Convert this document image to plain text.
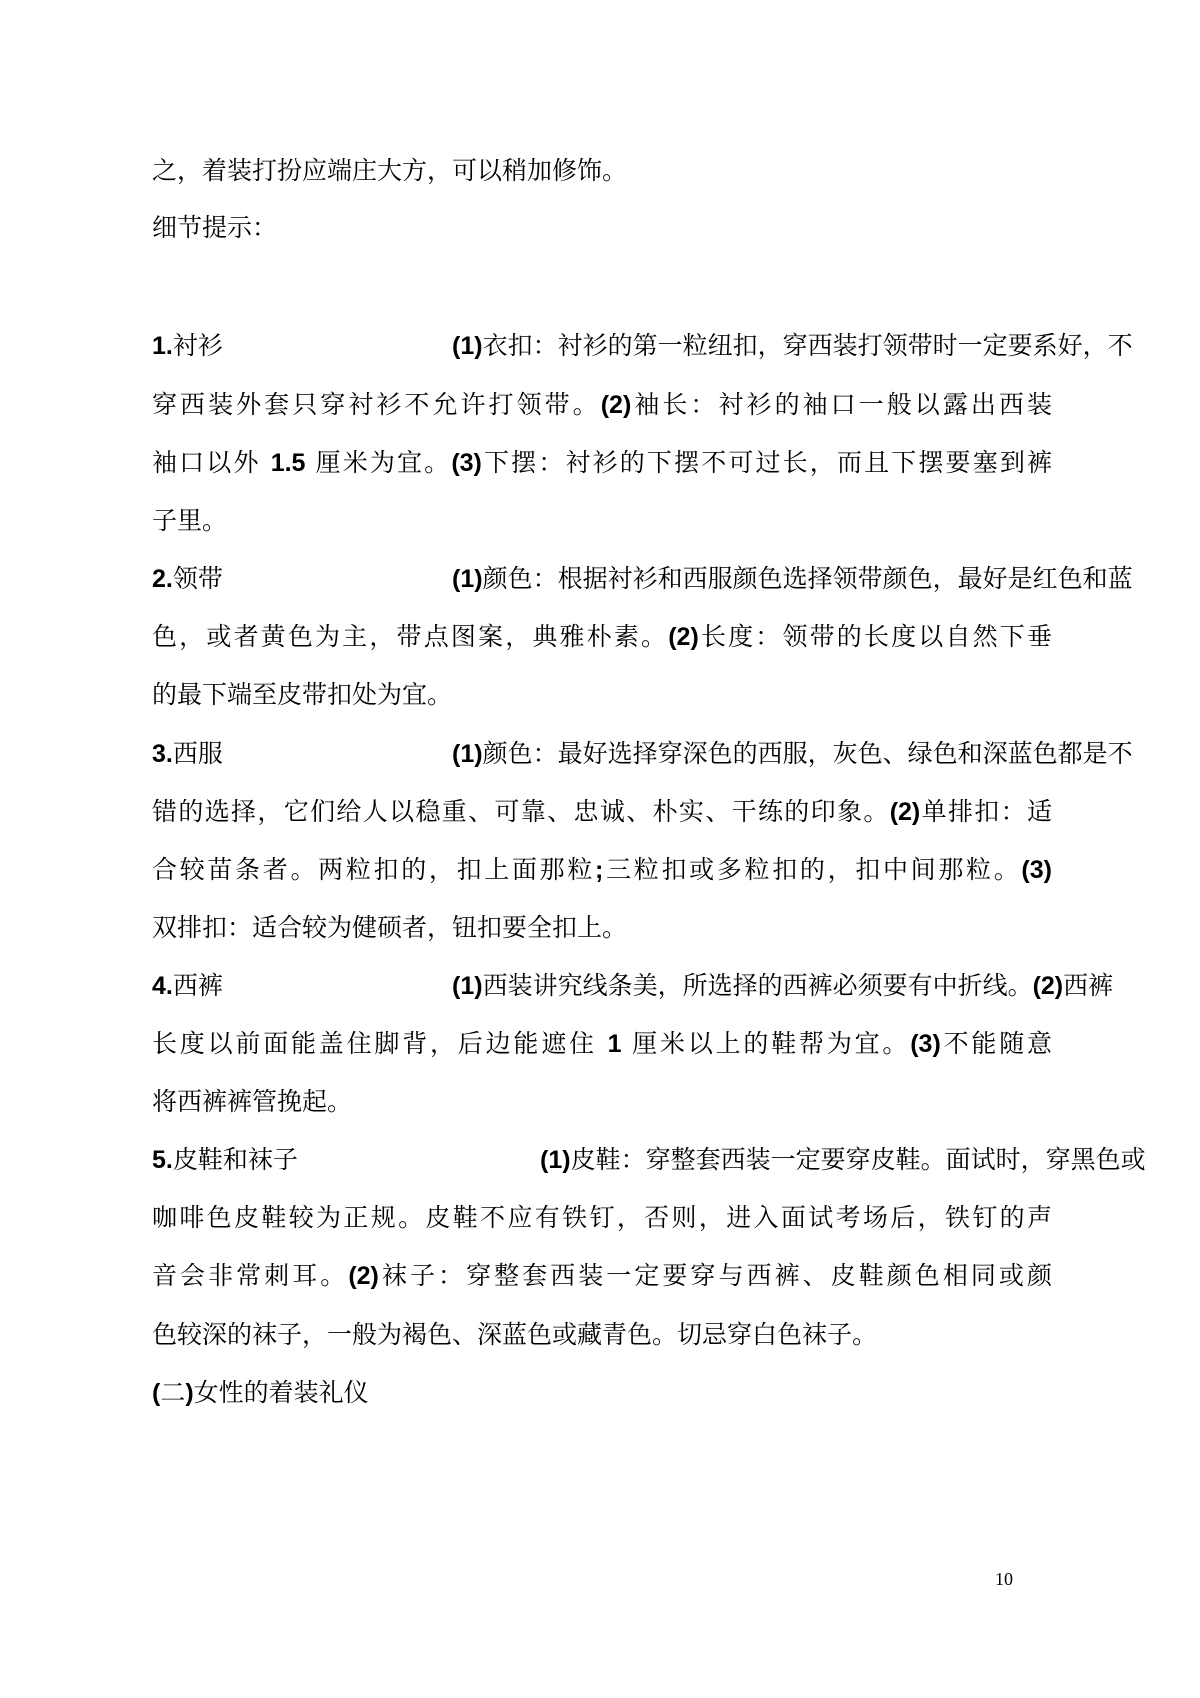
之，着装打扮应端庄大方，可以稍加修饰。
细节提示：
1.衬衫	(1)衣扣：衬衫的第一粒纽扣，穿西装打领带时一定要系好，不
穿西装外套只穿衬衫不允许打领带。(2)袖长：衬衫的袖口一般以露出西装
袖口以外 1.5 厘米为宜。(3)下摆：衬衫的下摆不可过长，而且下摆要塞到裤
子里。
2.领带	(1)颜色：根据衬衫和西服颜色选择领带颜色，最好是红色和蓝
色，或者黄色为主，带点图案，典雅朴素。(2)长度：领带的长度以自然下垂
的最下端至皮带扣处为宜。
3.西服	(1)颜色：最好选择穿深色的西服，灰色、绿色和深蓝色都是不
错的选择，它们给人以稳重、可靠、忠诚、朴实、干练的印象。(2)单排扣：适
合较苗条者。两粒扣的，扣上面那粒;三粒扣或多粒扣的，扣中间那粒。(3)
双排扣：适合较为健硕者，钮扣要全扣上。
4.西裤	(1)西装讲究线条美，所选择的西裤必须要有中折线。(2)西裤
长度以前面能盖住脚背，后边能遮住 1 厘米以上的鞋帮为宜。(3)不能随意
将西裤裤管挽起。
5.皮鞋和袜子	(1)皮鞋：穿整套西装一定要穿皮鞋。面试时，穿黑色或
咖啡色皮鞋较为正规。皮鞋不应有铁钉，否则，进入面试考场后，铁钉的声
音会非常刺耳。(2)袜子：穿整套西装一定要穿与西裤、皮鞋颜色相同或颜
色较深的袜子，一般为褐色、深蓝色或藏青色。切忌穿白色袜子。
(二)女性的着装礼仪
10
